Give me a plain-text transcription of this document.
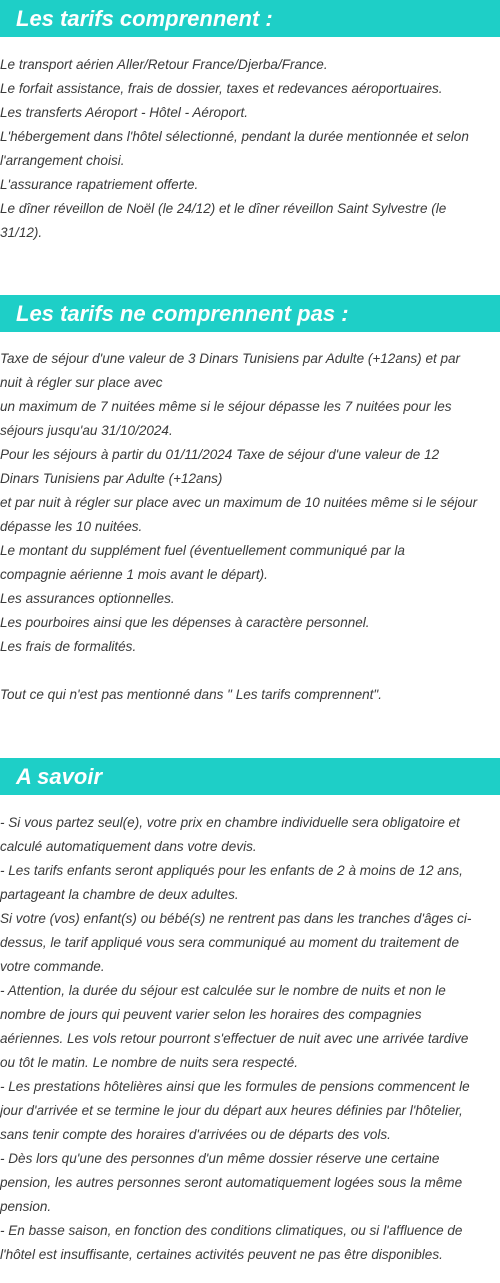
Les tarifs comprennent :
Le transport aérien Aller/Retour France/Djerba/France.
Le forfait assistance, frais de dossier, taxes et redevances aéroportuaires.
Les transferts Aéroport - Hôtel - Aéroport.
L'hébergement dans l'hôtel sélectionné, pendant la durée mentionnée et selon
l'arrangement choisi.
L'assurance rapatriement offerte.
Le dîner réveillon de Noël (le 24/12) et le dîner réveillon Saint Sylvestre (le
31/12).
Les tarifs ne comprennent pas :
Taxe de séjour d'une valeur de 3 Dinars Tunisiens par Adulte (+12ans) et par
nuit à régler sur place avec
un maximum de 7 nuitées même si le séjour dépasse les 7 nuitées pour les
séjours jusqu'au 31/10/2024.
Pour les séjours à partir du 01/11/2024 Taxe de séjour d'une valeur de 12
Dinars Tunisiens par Adulte (+12ans)
et par nuit à régler sur place avec un maximum de 10 nuitées même si le séjour
dépasse les 10 nuitées.
Le montant du supplément fuel (éventuellement communiqué par la
compagnie aérienne 1 mois avant le départ).
Les assurances optionnelles.
Les pourboires ainsi que les dépenses à caractère personnel.
Les frais de formalités.
Tout ce qui n'est pas mentionné dans " Les tarifs comprennent".
A savoir
- Si vous partez seul(e), votre prix en chambre individuelle sera obligatoire et
calculé automatiquement dans votre devis.
- Les tarifs enfants seront appliqués pour les enfants de 2 à moins de 12 ans,
partageant la chambre de deux adultes.
Si votre (vos) enfant(s) ou bébé(s) ne rentrent pas dans les tranches d'âges ci-
dessus, le tarif appliqué vous sera communiqué au moment du traitement de
votre commande.
- Attention, la durée du séjour est calculée sur le nombre de nuits et non le
nombre de jours qui peuvent varier selon les horaires des compagnies
aériennes. Les vols retour pourront s'effectuer de nuit avec une arrivée tardive
ou tôt le matin. Le nombre de nuits sera respecté.
- Les prestations hôtelières ainsi que les formules de pensions commencent le
jour d'arrivée et se termine le jour du départ aux heures définies par l'hôtelier,
sans tenir compte des horaires d'arrivées ou de départs des vols.
- Dès lors qu'une des personnes d'un même dossier réserve une certaine
pension, les autres personnes seront automatiquement logées sous la même
pension.
- En basse saison, en fonction des conditions climatiques, ou si l'affluence de
l'hôtel est insuffisante, certaines activités peuvent ne pas être disponibles.
